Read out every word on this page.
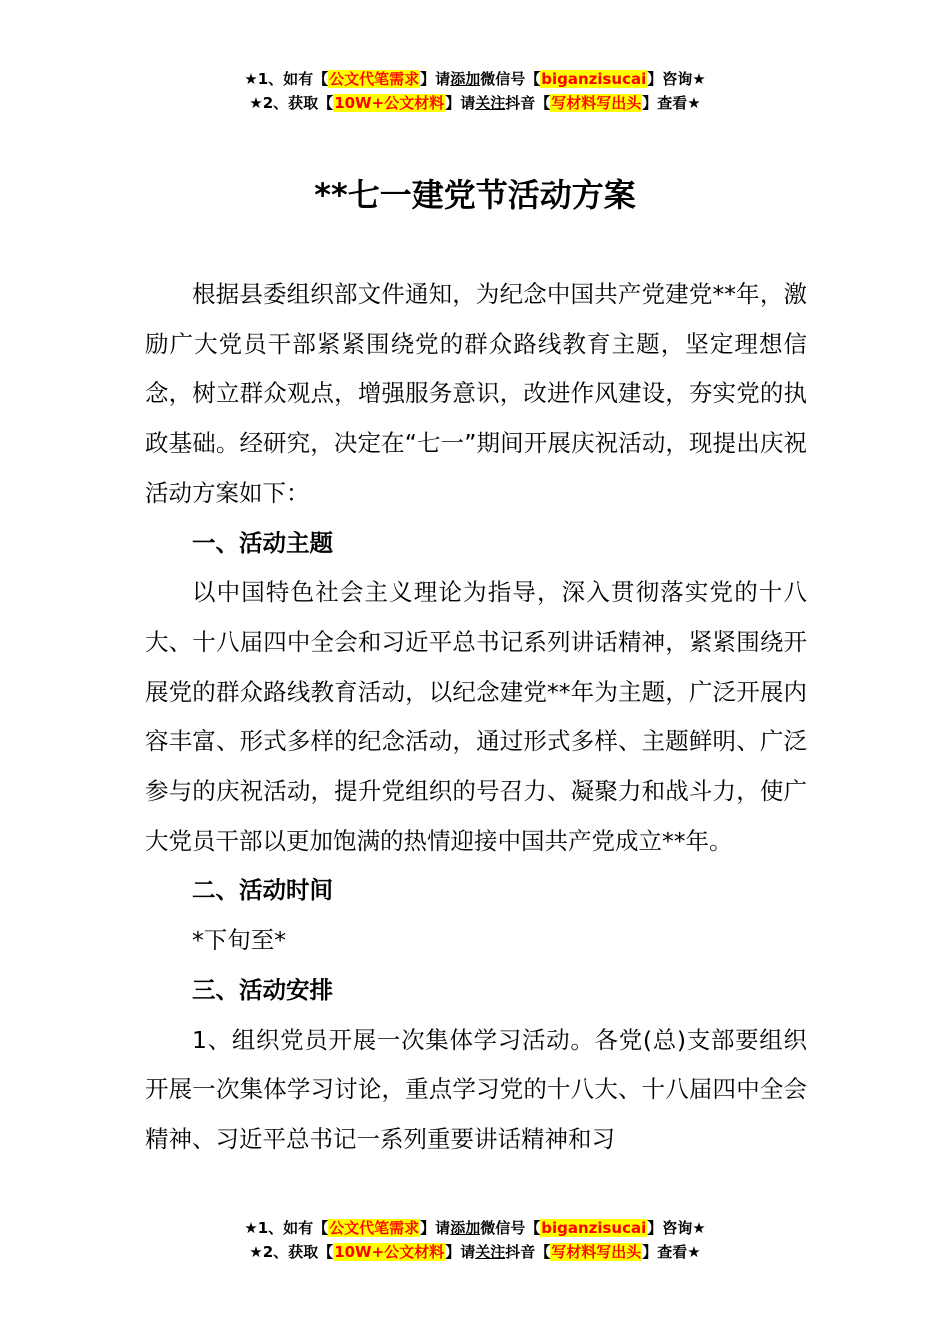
★1、如有【公文代笔需求】请添加微信号【biganzisucai】咨询★
★2、获取【10W+公文材料】请关注抖音【写材料写出头】查看★
**七一建党节活动方案

根据县委组织部文件通知，为纪念中国共产党建党**年，激励广大党员干部紧紧围绕党的群众路线教育主题，坚定理想信念，树立群众观点，增强服务意识，改进作风建设，夯实党的执政基础。经研究，决定在“七一”期间开展庆祝活动，现提出庆祝活动方案如下：

一、活动主题

以中国特色社会主义理论为指导，深入贯彻落实党的十八大、十八届四中全会和习近平总书记系列讲话精神，紧紧围绕开展党的群众路线教育活动，以纪念建党**年为主题，广泛开展内容丰富、形式多样的纪念活动，通过形式多样、主题鲜明、广泛参与的庆祝活动，提升党组织的号召力、凝聚力和战斗力，使广大党员干部以更加饱满的热情迎接中国共产党成立**年。

二、活动时间

*下旬至*

三、活动安排

1、组织党员开展一次集体学习活动。各党(总)支部要组织开展一次集体学习讨论，重点学习党的十八大、十八届四中全会精神、习近平总书记一系列重要讲话精神和习

★1、如有【公文代笔需求】请添加微信号【biganzisucai】咨询★
★2、获取【10W+公文材料】请关注抖音【写材料写出头】查看★
